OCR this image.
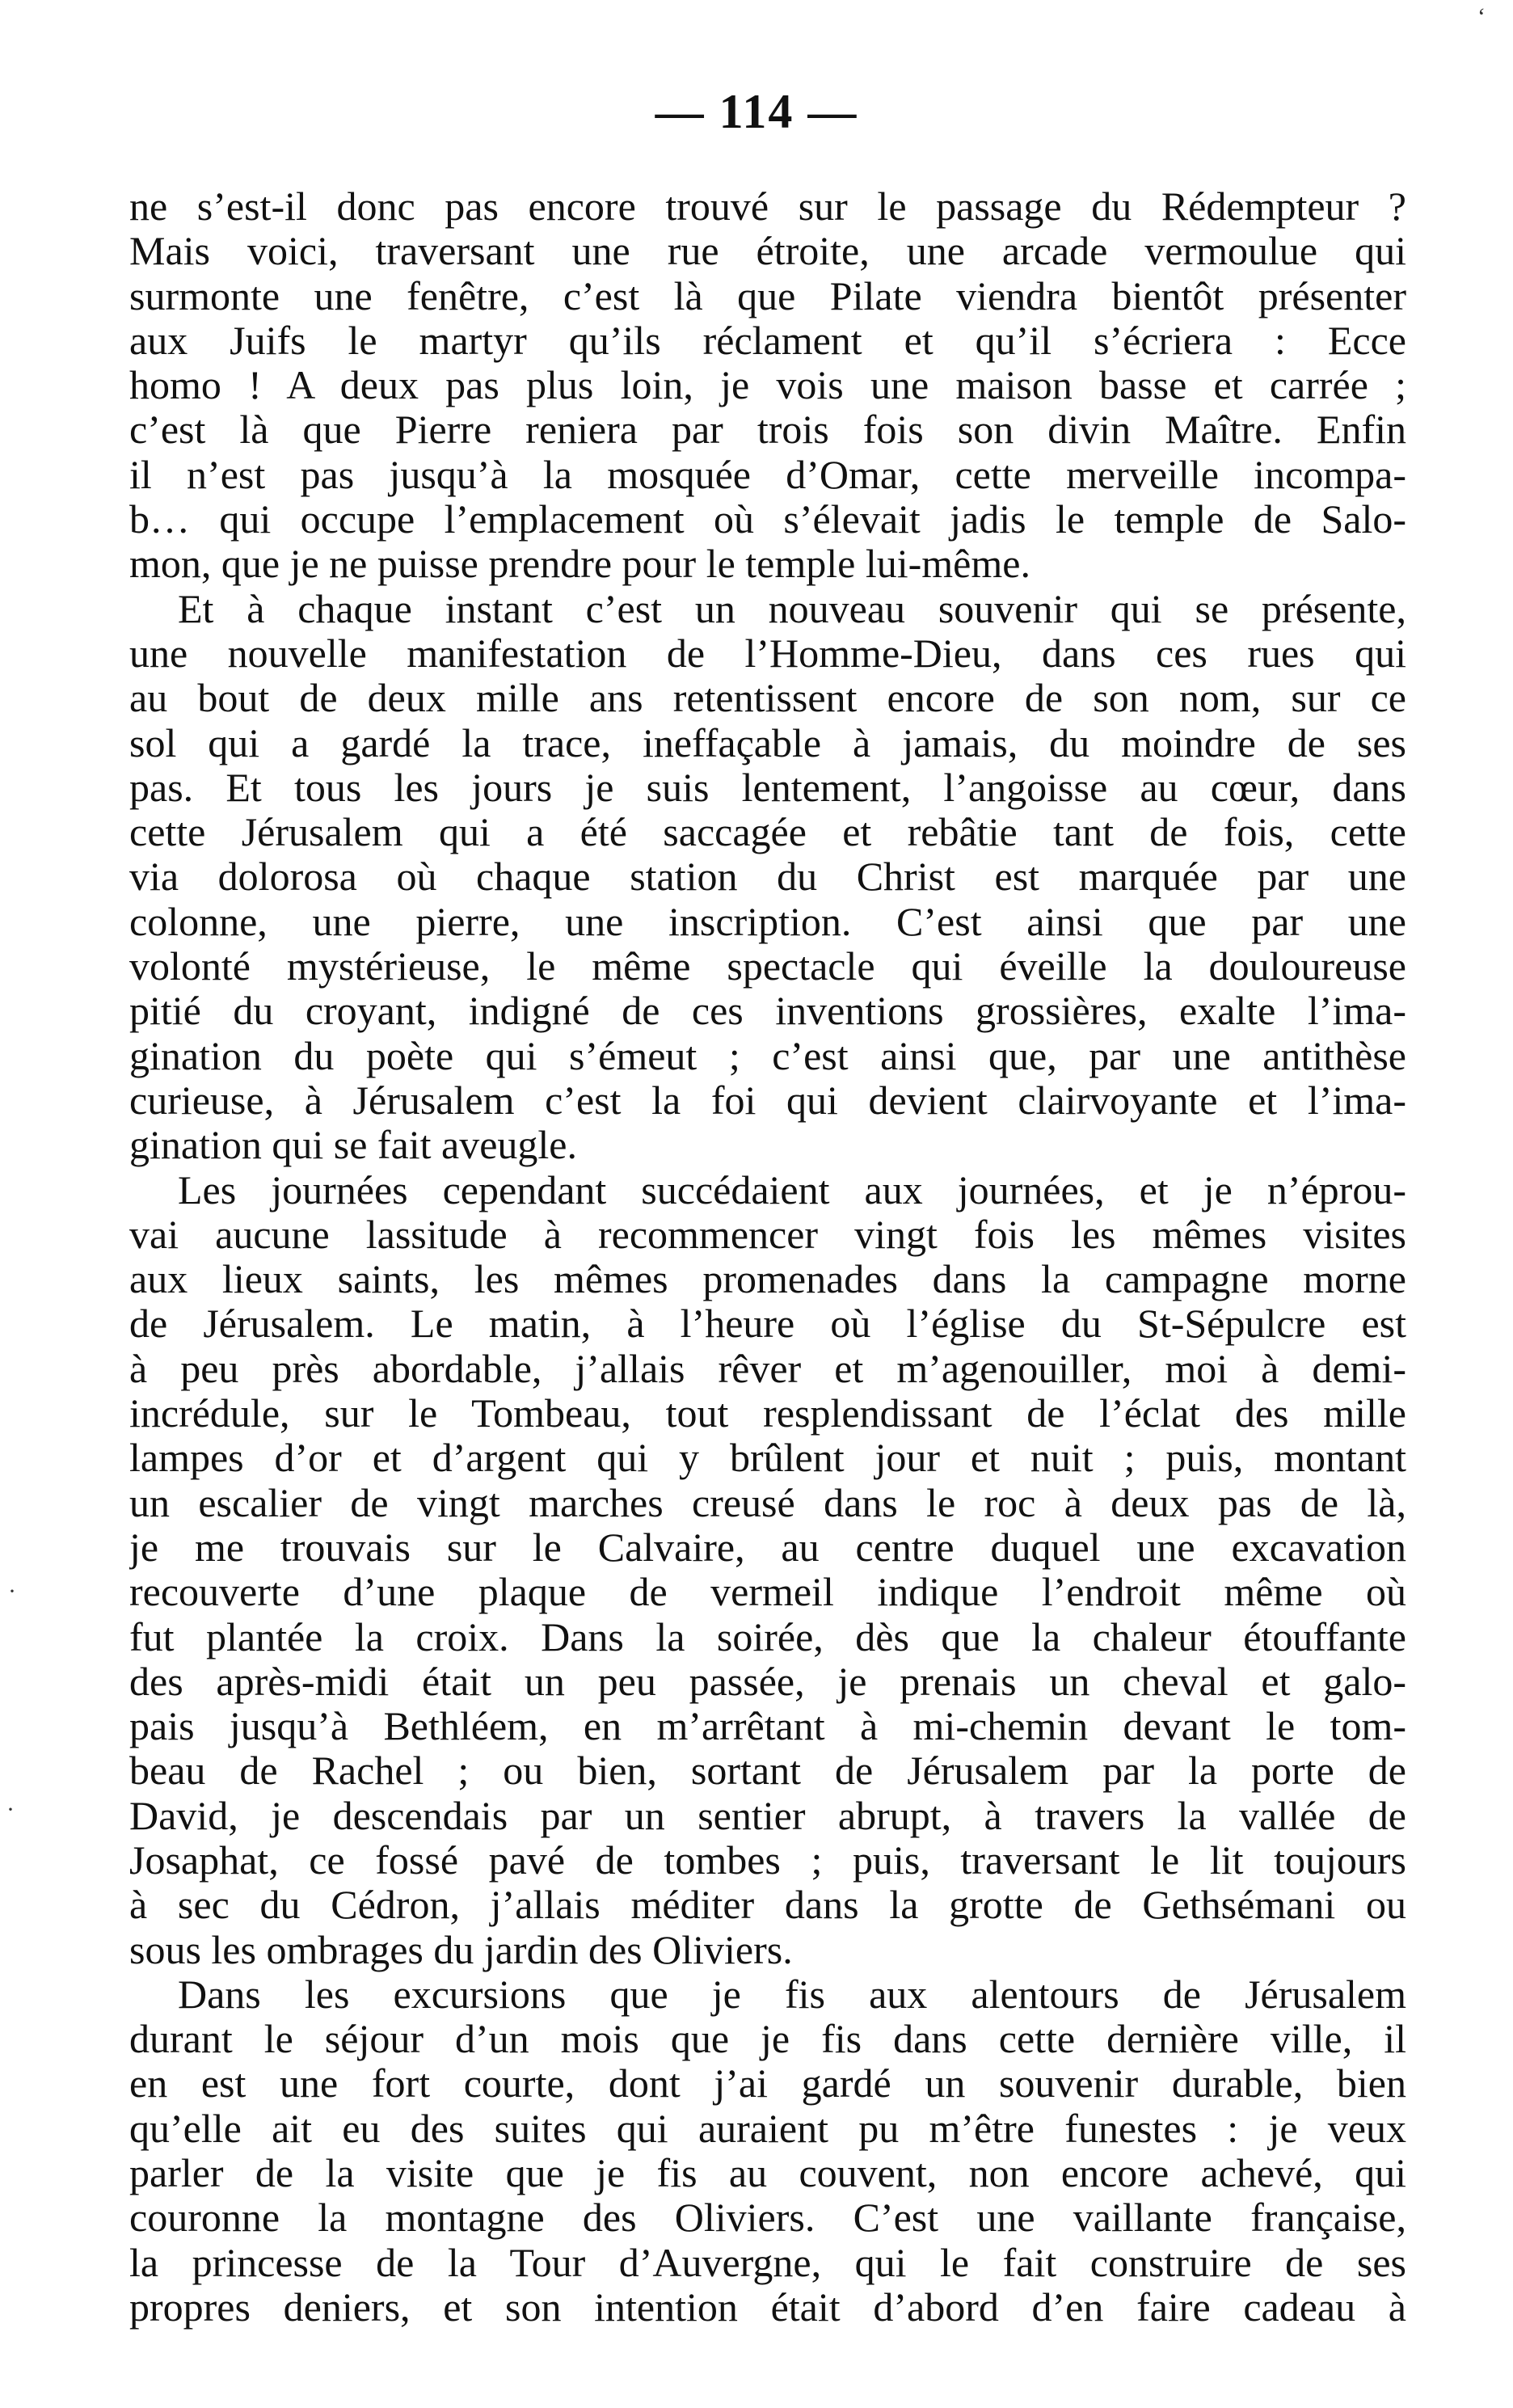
— 114 —
ne s’est-il donc pas encore trouvé sur le passage du Rédempteur ?
Mais voici, traversant une rue étroite, une arcade vermoulue qui
surmonte une fenêtre, c’est là que Pilate viendra bientôt présenter
aux Juifs le martyr qu’ils réclament et qu’il s’écriera : Ecce
homo ! A deux pas plus loin, je vois une maison basse et carrée ;
c’est là que Pierre reniera par trois fois son divin Maître. Enfin
il n’est pas jusqu’à la mosquée d’Omar, cette merveille incompa-
b… qui occupe l’emplacement où s’élevait jadis le temple de Salo-
mon, que je ne puisse prendre pour le temple lui-même.
Et à chaque instant c’est un nouveau souvenir qui se présente,
une nouvelle manifestation de l’Homme-Dieu, dans ces rues qui
au bout de deux mille ans retentissent encore de son nom, sur ce
sol qui a gardé la trace, ineffaçable à jamais, du moindre de ses
pas. Et tous les jours je suis lentement, l’angoisse au cœur, dans
cette Jérusalem qui a été saccagée et rebâtie tant de fois, cette
via dolorosa où chaque station du Christ est marquée par une
colonne, une pierre, une inscription. C’est ainsi que par une
volonté mystérieuse, le même spectacle qui éveille la douloureuse
pitié du croyant, indigné de ces inventions grossières, exalte l’ima-
gination du poète qui s’émeut ; c’est ainsi que, par une antithèse
curieuse, à Jérusalem c’est la foi qui devient clairvoyante et l’ima-
gination qui se fait aveugle.
Les journées cependant succédaient aux journées, et je n’éprou-
vai aucune lassitude à recommencer vingt fois les mêmes visites
aux lieux saints, les mêmes promenades dans la campagne morne
de Jérusalem. Le matin, à l’heure où l’église du St-Sépulcre est
à peu près abordable, j’allais rêver et m’agenouiller, moi à demi-
incrédule, sur le Tombeau, tout resplendissant de l’éclat des mille
lampes d’or et d’argent qui y brûlent jour et nuit ; puis, montant
un escalier de vingt marches creusé dans le roc à deux pas de là,
je me trouvais sur le Calvaire, au centre duquel une excavation
recouverte d’une plaque de vermeil indique l’endroit même où
fut plantée la croix. Dans la soirée, dès que la chaleur étouffante
des après-midi était un peu passée, je prenais un cheval et galo-
pais jusqu’à Bethléem, en m’arrêtant à mi-chemin devant le tom-
beau de Rachel ; ou bien, sortant de Jérusalem par la porte de
David, je descendais par un sentier abrupt, à travers la vallée de
Josaphat, ce fossé pavé de tombes ; puis, traversant le lit toujours
à sec du Cédron, j’allais méditer dans la grotte de Gethsémani ou
sous les ombrages du jardin des Oliviers.
Dans les excursions que je fis aux alentours de Jérusalem
durant le séjour d’un mois que je fis dans cette dernière ville, il
en est une fort courte, dont j’ai gardé un souvenir durable, bien
qu’elle ait eu des suites qui auraient pu m’être funestes : je veux
parler de la visite que je fis au couvent, non encore achevé, qui
couronne la montagne des Oliviers. C’est une vaillante française,
la princesse de la Tour d’Auvergne, qui le fait construire de ses
propres deniers, et son intention était d’abord d’en faire cadeau à
‘
·
·
